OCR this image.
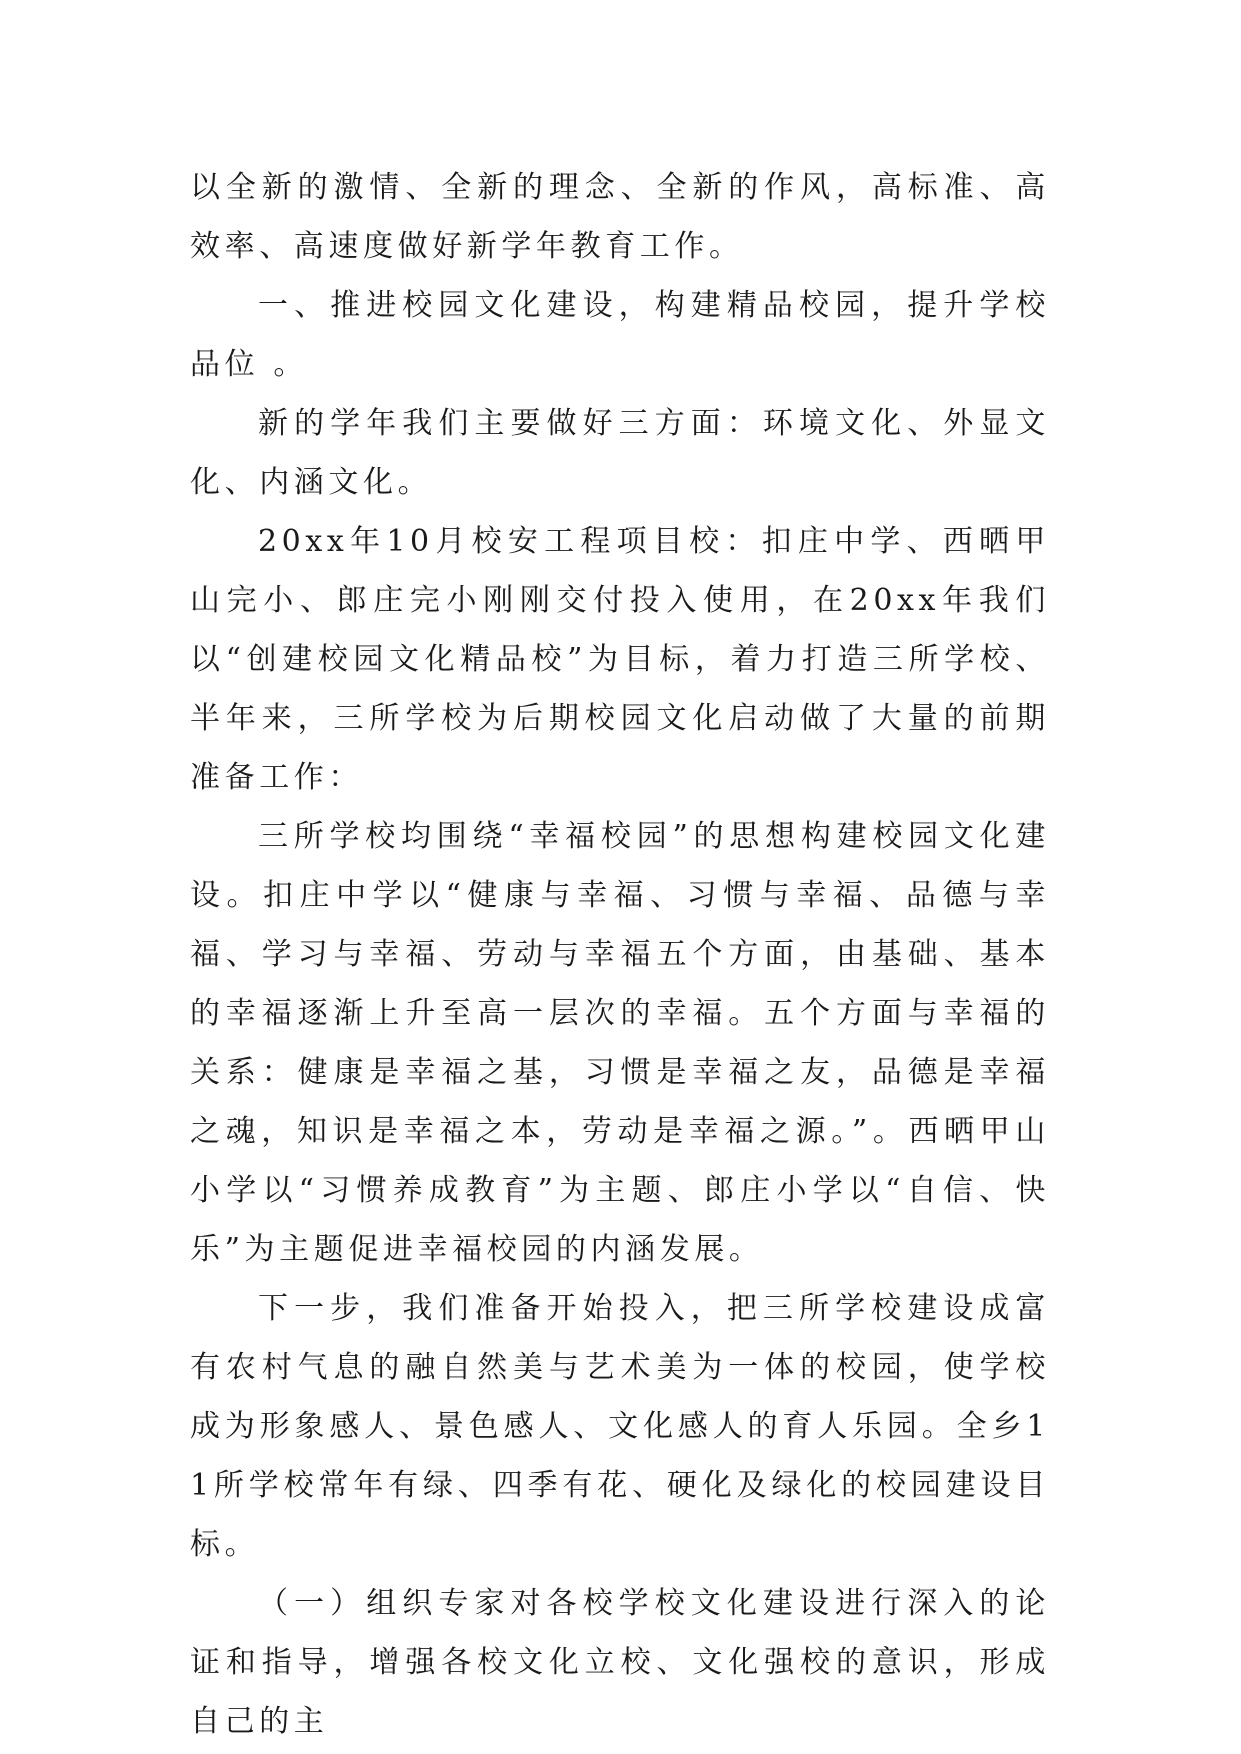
以全新的激情、全新的理念、全新的作风，高标准、高效率、高速度做好新学年教育工作。

一、推进校园文化建设，构建精品校园，提升学校品位 。

新的学年我们主要做好三方面：环境文化、外显文化、内涵文化。

20xx年10月校安工程项目校：扣庄中学、西晒甲山完小、郎庄完小刚刚交付投入使用，在20xx年我们以“创建校园文化精品校”为目标，着力打造三所学校、半年来，三所学校为后期校园文化启动做了大量的前期准备工作：

三所学校均围绕“幸福校园”的思想构建校园文化建设。扣庄中学以“健康与幸福、习惯与幸福、品德与幸福、学习与幸福、劳动与幸福五个方面，由基础、基本的幸福逐渐上升至高一层次的幸福。五个方面与幸福的关系：健康是幸福之基，习惯是幸福之友，品德是幸福之魂，知识是幸福之本，劳动是幸福之源。”。西晒甲山小学以“习惯养成教育”为主题、郎庄小学以“自信、快乐”为主题促进幸福校园的内涵发展。

下一步，我们准备开始投入，把三所学校建设成富有农村气息的融自然美与艺术美为一体的校园，使学校成为形象感人、景色感人、文化感人的育人乐园。全乡11所学校常年有绿、四季有花、硬化及绿化的校园建设目标。

（一）组织专家对各校学校文化建设进行深入的论证和指导，增强各校文化立校、文化强校的意识，形成自己的主
